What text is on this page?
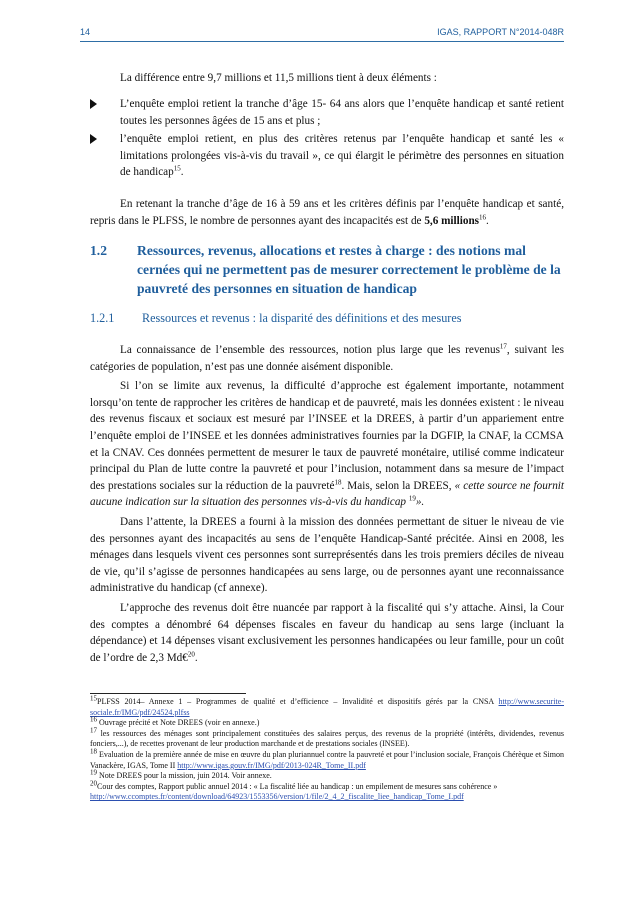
14	IGAS, RAPPORT N°2014-048R

La différence entre 9,7 millions et 11,5 millions tient à deux éléments :

L’enquête emploi retient la tranche d’âge 15- 64 ans alors que l’enquête handicap et santé retient toutes les personnes âgées de 15 ans et plus ;
l’enquête emploi retient, en plus des critères retenus par l’enquête handicap et santé les « limitations prolongées vis-à-vis du travail », ce qui élargit le périmètre des personnes en situation de handicap$^{15}$.

En retenant la tranche d’âge de 16 à 59 ans et les critères définis par l’enquête handicap et santé, repris dans le PLFSS, le nombre de personnes ayant des incapacités est de 5,6 millions$^{16}$.

1.2 Ressources, revenus, allocations et restes à charge : des notions mal cernées qui ne permettent pas de mesurer correctement le problème de la pauvreté des personnes en situation de handicap
1.2.1 Ressources et revenus : la disparité des définitions et des mesures

La connaissance de l’ensemble des ressources, notion plus large que les revenus$^{17}$, suivant les catégories de population, n’est pas une donnée aisément disponible.

Si l’on se limite aux revenus, la difficulté d’approche est également importante, notamment lorsqu’on tente de rapprocher les critères de handicap et de pauvreté, mais les données existent : le niveau des revenus fiscaux et sociaux est mesuré par l’INSEE et la DREES, à partir d’un appariement entre l’enquête emploi de l’INSEE et les données administratives fournies par la DGFIP, la CNAF, la CCMSA et la CNAV. Ces données permettent de mesurer le taux de pauvreté monétaire, utilisé comme indicateur principal du Plan de lutte contre la pauvreté et pour l’inclusion, notamment dans sa mesure de l’impact des prestations sociales sur la réduction de la pauvreté$^{18}$. Mais, selon la DREES, « cette source ne fournit aucune indication sur la situation des personnes vis-à-vis du handicap $^{19}$».

Dans l’attente, la DREES a fourni à la mission des données permettant de situer le niveau de vie des personnes ayant des incapacités au sens de l’enquête Handicap-Santé précitée. Ainsi en 2008, les ménages dans lesquels vivent ces personnes sont surreprésentés dans les trois premiers déciles de niveau de vie, qu’il s’agisse de personnes handicapées au sens large, ou de personnes ayant une reconnaissance administrative du handicap (cf annexe).

L’approche des revenus doit être nuancée par rapport à la fiscalité qui s’y attache. Ainsi, la Cour des comptes a dénombré 64 dépenses fiscales en faveur du handicap au sens large (incluant la dépendance) et 14 dépenses visant exclusivement les personnes handicapées ou leur famille, pour un coût de l’ordre de 2,3 Md€$^{20}$.

$^{15}$PLFSS 2014– Annexe 1 – Programmes de qualité et d’efficience – Invalidité et dispositifs gérés par la CNSA http://www.securite-sociale.fr/IMG/pdf/24524.plfss

$^{16}$ Ouvrage précité et Note DREES (voir en annexe.)

$^{17}$ les ressources des ménages sont principalement constituées des salaires perçus, des revenus de la propriété (intérêts, dividendes, revenus fonciers,...), de recettes provenant de leur production marchande et de prestations sociales (INSEE).

$^{18}$ Evaluation de la première année de mise en œuvre du plan pluriannuel contre la pauvreté et pour l’inclusion sociale, François Chérèque et Simon Vanackère, IGAS, Tome II http://www.igas.gouv.fr/IMG/pdf/2013-024R_Tome_II.pdf

$^{19}$ Note DREES pour la mission, juin 2014. Voir annexe.

$^{20}$Cour des comptes, Rapport public annuel 2014 : « La fiscalité liée au handicap : un empilement de mesures sans cohérence »
http://www.ccomptes.fr/content/download/64923/1553356/version/1/file/2_4_2_fiscalite_liee_handicap_Tome_I.pdf
